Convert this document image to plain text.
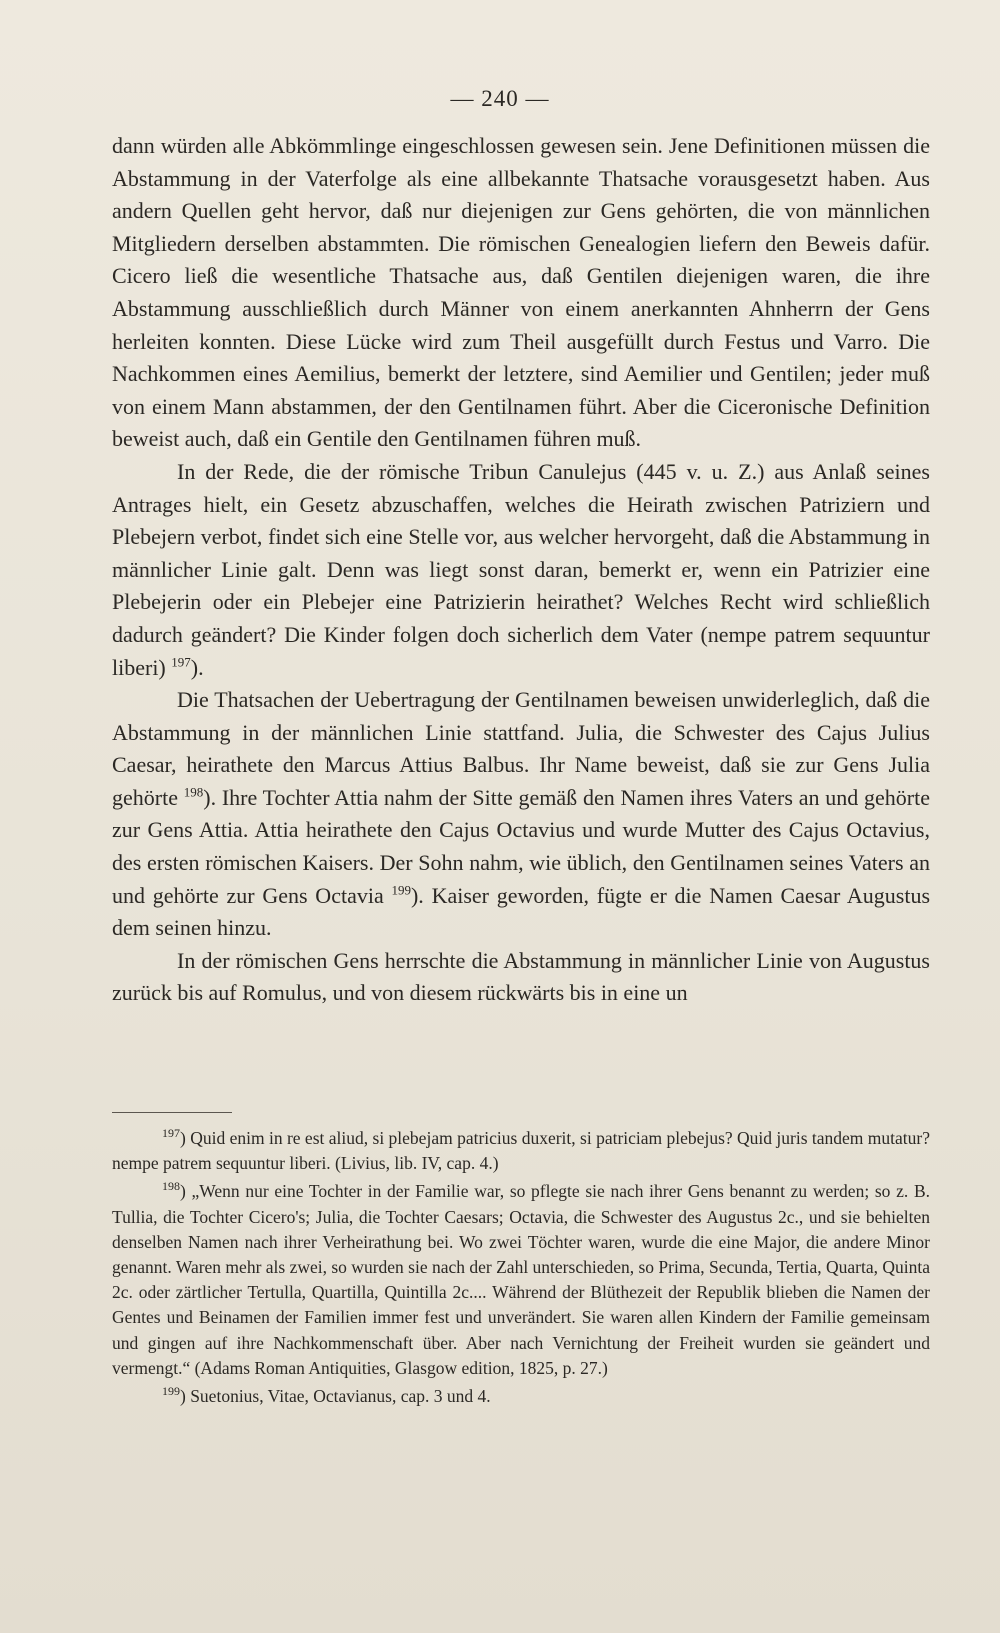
— 240 —

dann würden alle Abkömmlinge eingeschlossen gewesen sein. Jene Definitionen müssen die Abstammung in der Vaterfolge als eine allbekannte Thatsache vorausgesetzt haben. Aus andern Quellen geht hervor, daß nur diejenigen zur Gens gehörten, die von männlichen Mitgliedern derselben abstammten. Die römischen Genealogien liefern den Beweis dafür. Cicero ließ die wesentliche Thatsache aus, daß Gentilen diejenigen waren, die ihre Abstammung ausschließlich durch Männer von einem anerkannten Ahnherrn der Gens herleiten konnten. Diese Lücke wird zum Theil ausgefüllt durch Festus und Varro. Die Nachkommen eines Aemilius, bemerkt der letztere, sind Aemilier und Gentilen; jeder muß von einem Mann abstammen, der den Gentilnamen führt. Aber die Ciceronische Definition beweist auch, daß ein Gentile den Gentilnamen führen muß.

In der Rede, die der römische Tribun Canulejus (445 v. u. Z.) aus Anlaß seines Antrages hielt, ein Gesetz abzuschaffen, welches die Heirath zwischen Patriziern und Plebejern verbot, findet sich eine Stelle vor, aus welcher hervorgeht, daß die Abstammung in männlicher Linie galt. Denn was liegt sonst daran, bemerkt er, wenn ein Patrizier eine Plebejerin oder ein Plebejer eine Patrizierin heirathet? Welches Recht wird schließlich dadurch geändert? Die Kinder folgen doch sicherlich dem Vater (nempe patrem sequuntur liberi) $^{197}$).

Die Thatsachen der Uebertragung der Gentilnamen beweisen unwiderleglich, daß die Abstammung in der männlichen Linie stattfand. Julia, die Schwester des Cajus Julius Caesar, heirathete den Marcus Attius Balbus. Ihr Name beweist, daß sie zur Gens Julia gehörte $^{198}$). Ihre Tochter Attia nahm der Sitte gemäß den Namen ihres Vaters an und gehörte zur Gens Attia. Attia heirathete den Cajus Octavius und wurde Mutter des Cajus Octavius, des ersten römischen Kaisers. Der Sohn nahm, wie üblich, den Gentilnamen seines Vaters an und gehörte zur Gens Octavia $^{199}$). Kaiser geworden, fügte er die Namen Caesar Augustus dem seinen hinzu.

In der römischen Gens herrschte die Abstammung in männlicher Linie von Augustus zurück bis auf Romulus, und von diesem rückwärts bis in eine un

$^{197}$) Quid enim in re est aliud, si plebejam patricius duxerit, si patriciam plebejus? Quid juris tandem mutatur? nempe patrem sequuntur liberi. (Livius, lib. IV, cap. 4.)

$^{198}$) „Wenn nur eine Tochter in der Familie war, so pflegte sie nach ihrer Gens benannt zu werden; so z. B. Tullia, die Tochter Cicero's; Julia, die Tochter Caesars; Octavia, die Schwester des Augustus 2c., und sie behielten denselben Namen nach ihrer Verheirathung bei. Wo zwei Töchter waren, wurde die eine Major, die andere Minor genannt. Waren mehr als zwei, so wurden sie nach der Zahl unterschieden, so Prima, Secunda, Tertia, Quarta, Quinta 2c. oder zärtlicher Tertulla, Quartilla, Quintilla 2c.... Während der Blüthezeit der Republik blieben die Namen der Gentes und Beinamen der Familien immer fest und unverändert. Sie waren allen Kindern der Familie gemeinsam und gingen auf ihre Nachkommenschaft über. Aber nach Vernichtung der Freiheit wurden sie geändert und vermengt.“ (Adams Roman Antiquities, Glasgow edition, 1825, p. 27.)

$^{199}$) Suetonius, Vitae, Octavianus, cap. 3 und 4.
